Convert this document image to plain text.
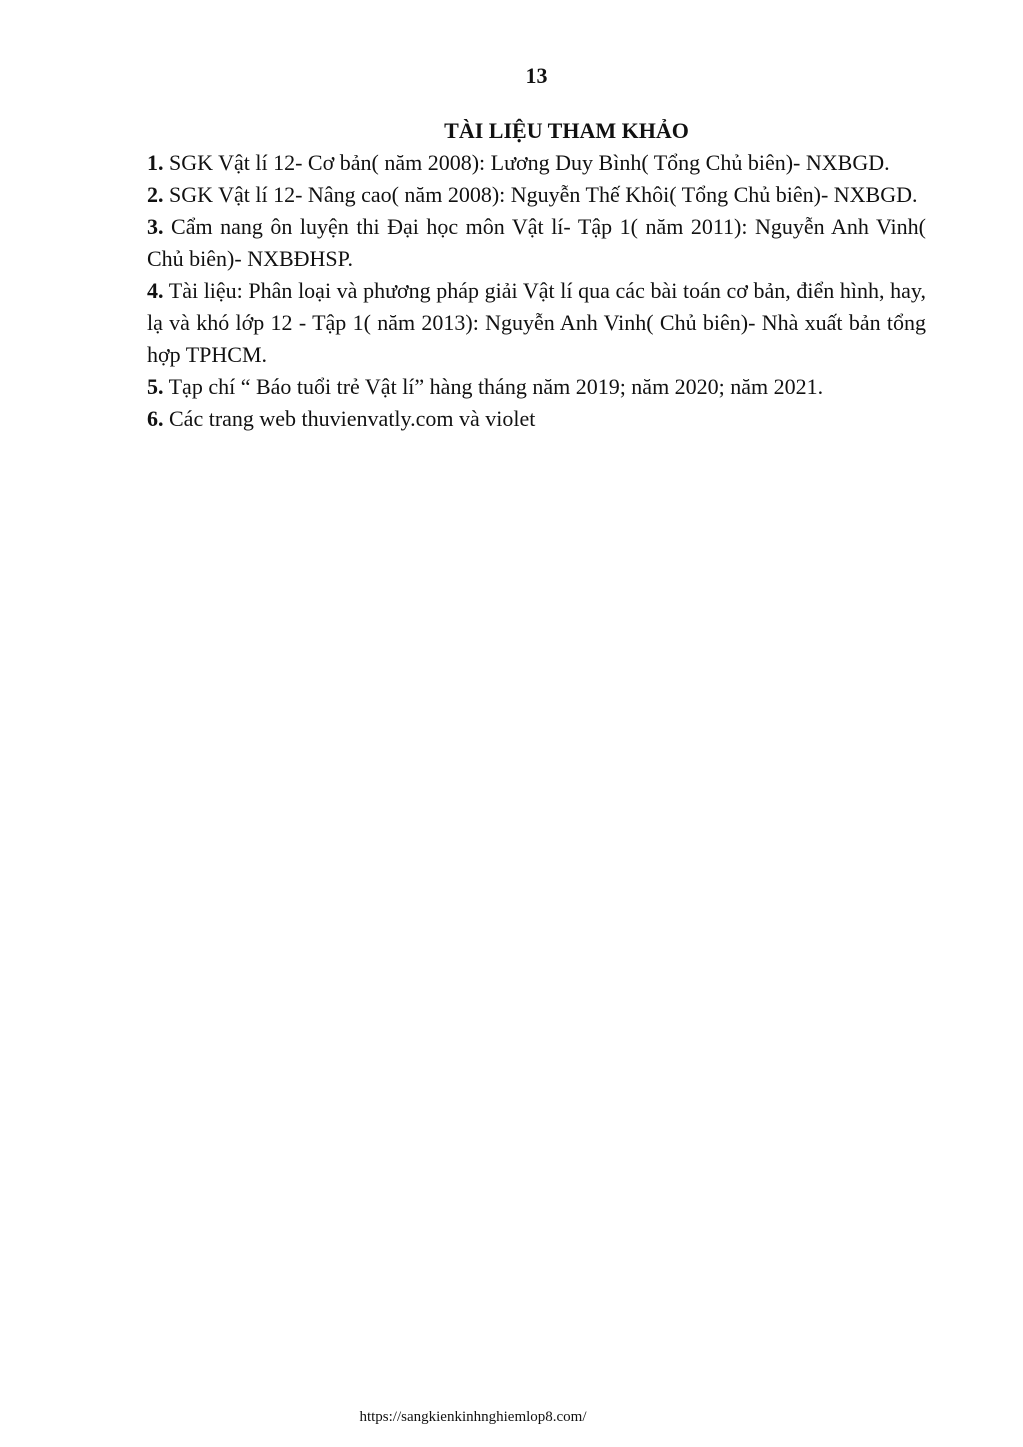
13
TÀI LIỆU THAM KHẢO
1. SGK Vật lí 12- Cơ bản( năm 2008): Lương Duy Bình( Tổng Chủ biên)- NXBGD.
2. SGK Vật lí 12- Nâng cao( năm 2008): Nguyễn Thế Khôi( Tổng Chủ biên)- NXBGD.
3. Cẩm nang ôn luyện thi Đại học môn Vật lí- Tập 1( năm 2011): Nguyễn Anh Vinh( Chủ biên)- NXBĐHSP.
4. Tài liệu: Phân loại và phương pháp giải Vật lí qua các bài toán cơ bản, điển hình, hay, lạ và khó lớp 12 - Tập 1( năm 2013): Nguyễn Anh Vinh( Chủ biên)- Nhà xuất bản tổng hợp TPHCM.
5. Tạp chí “ Báo tuổi trẻ Vật lí” hàng tháng năm 2019; năm 2020; năm 2021.
6. Các trang web thuvienvatly.com và violet
https://sangkienkinhnghiemlop8.com/
